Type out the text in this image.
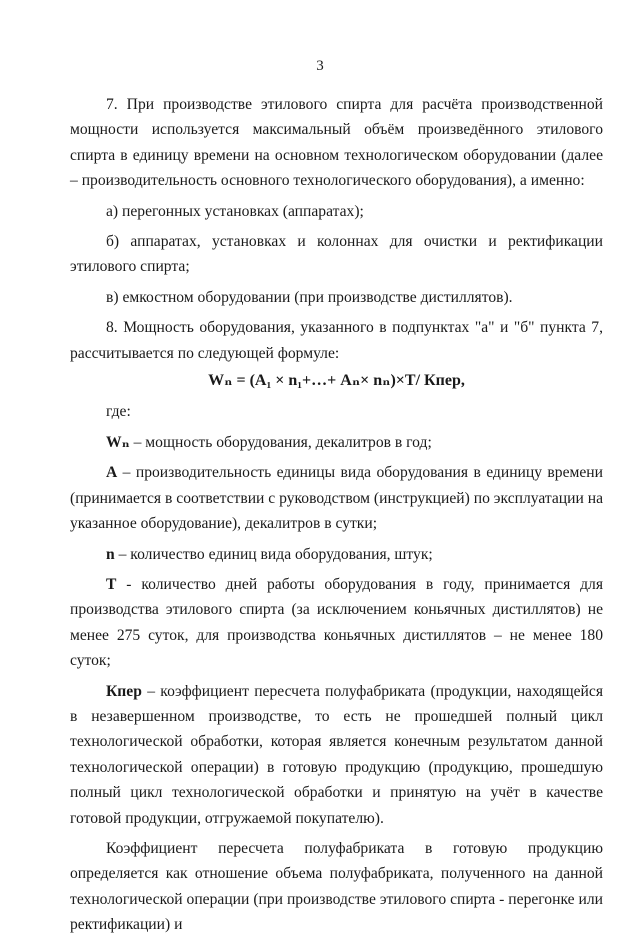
3

7. При производстве этилового спирта для расчёта производственной мощности используется максимальный объём произведённого этилового спирта в единицу времени на основном технологическом оборудовании (далее – производительность основного технологического оборудования), а именно:

а) перегонных установках (аппаратах);

б) аппаратах, установках и колоннах для очистки и ректификации этилового спирта;

в) емкостном оборудовании (при производстве дистиллятов).

8. Мощность оборудования, указанного в подпунктах "а" и "б" пункта 7, рассчитывается по следующей формуле:

Wₙ = (А₁ × n₁+…+ Аₙ× nₙ)×Т/ Кпер,

где:

Wₙ – мощность оборудования, декалитров в год;

А – производительность единицы вида оборудования в единицу времени (принимается в соответствии с руководством (инструкцией) по эксплуатации на указанное оборудование), декалитров в сутки;

n – количество единиц вида оборудования, штук;

Т - количество дней работы оборудования в году, принимается для производства этилового спирта (за исключением коньячных дистиллятов) не менее 275 суток, для производства коньячных дистиллятов – не менее 180 суток;

Кпер – коэффициент пересчета полуфабриката (продукции, находящейся в незавершенном производстве, то есть не прошедшей полный цикл технологической обработки, которая является конечным результатом данной технологической операции) в готовую продукцию (продукцию, прошедшую полный цикл технологической обработки и принятую на учёт в качестве готовой продукции, отгружаемой покупателю).

Коэффициент пересчета полуфабриката в готовую продукцию определяется как отношение объема полуфабриката, полученного на данной технологической операции (при производстве этилового спирта - перегонке или ректификации) и
